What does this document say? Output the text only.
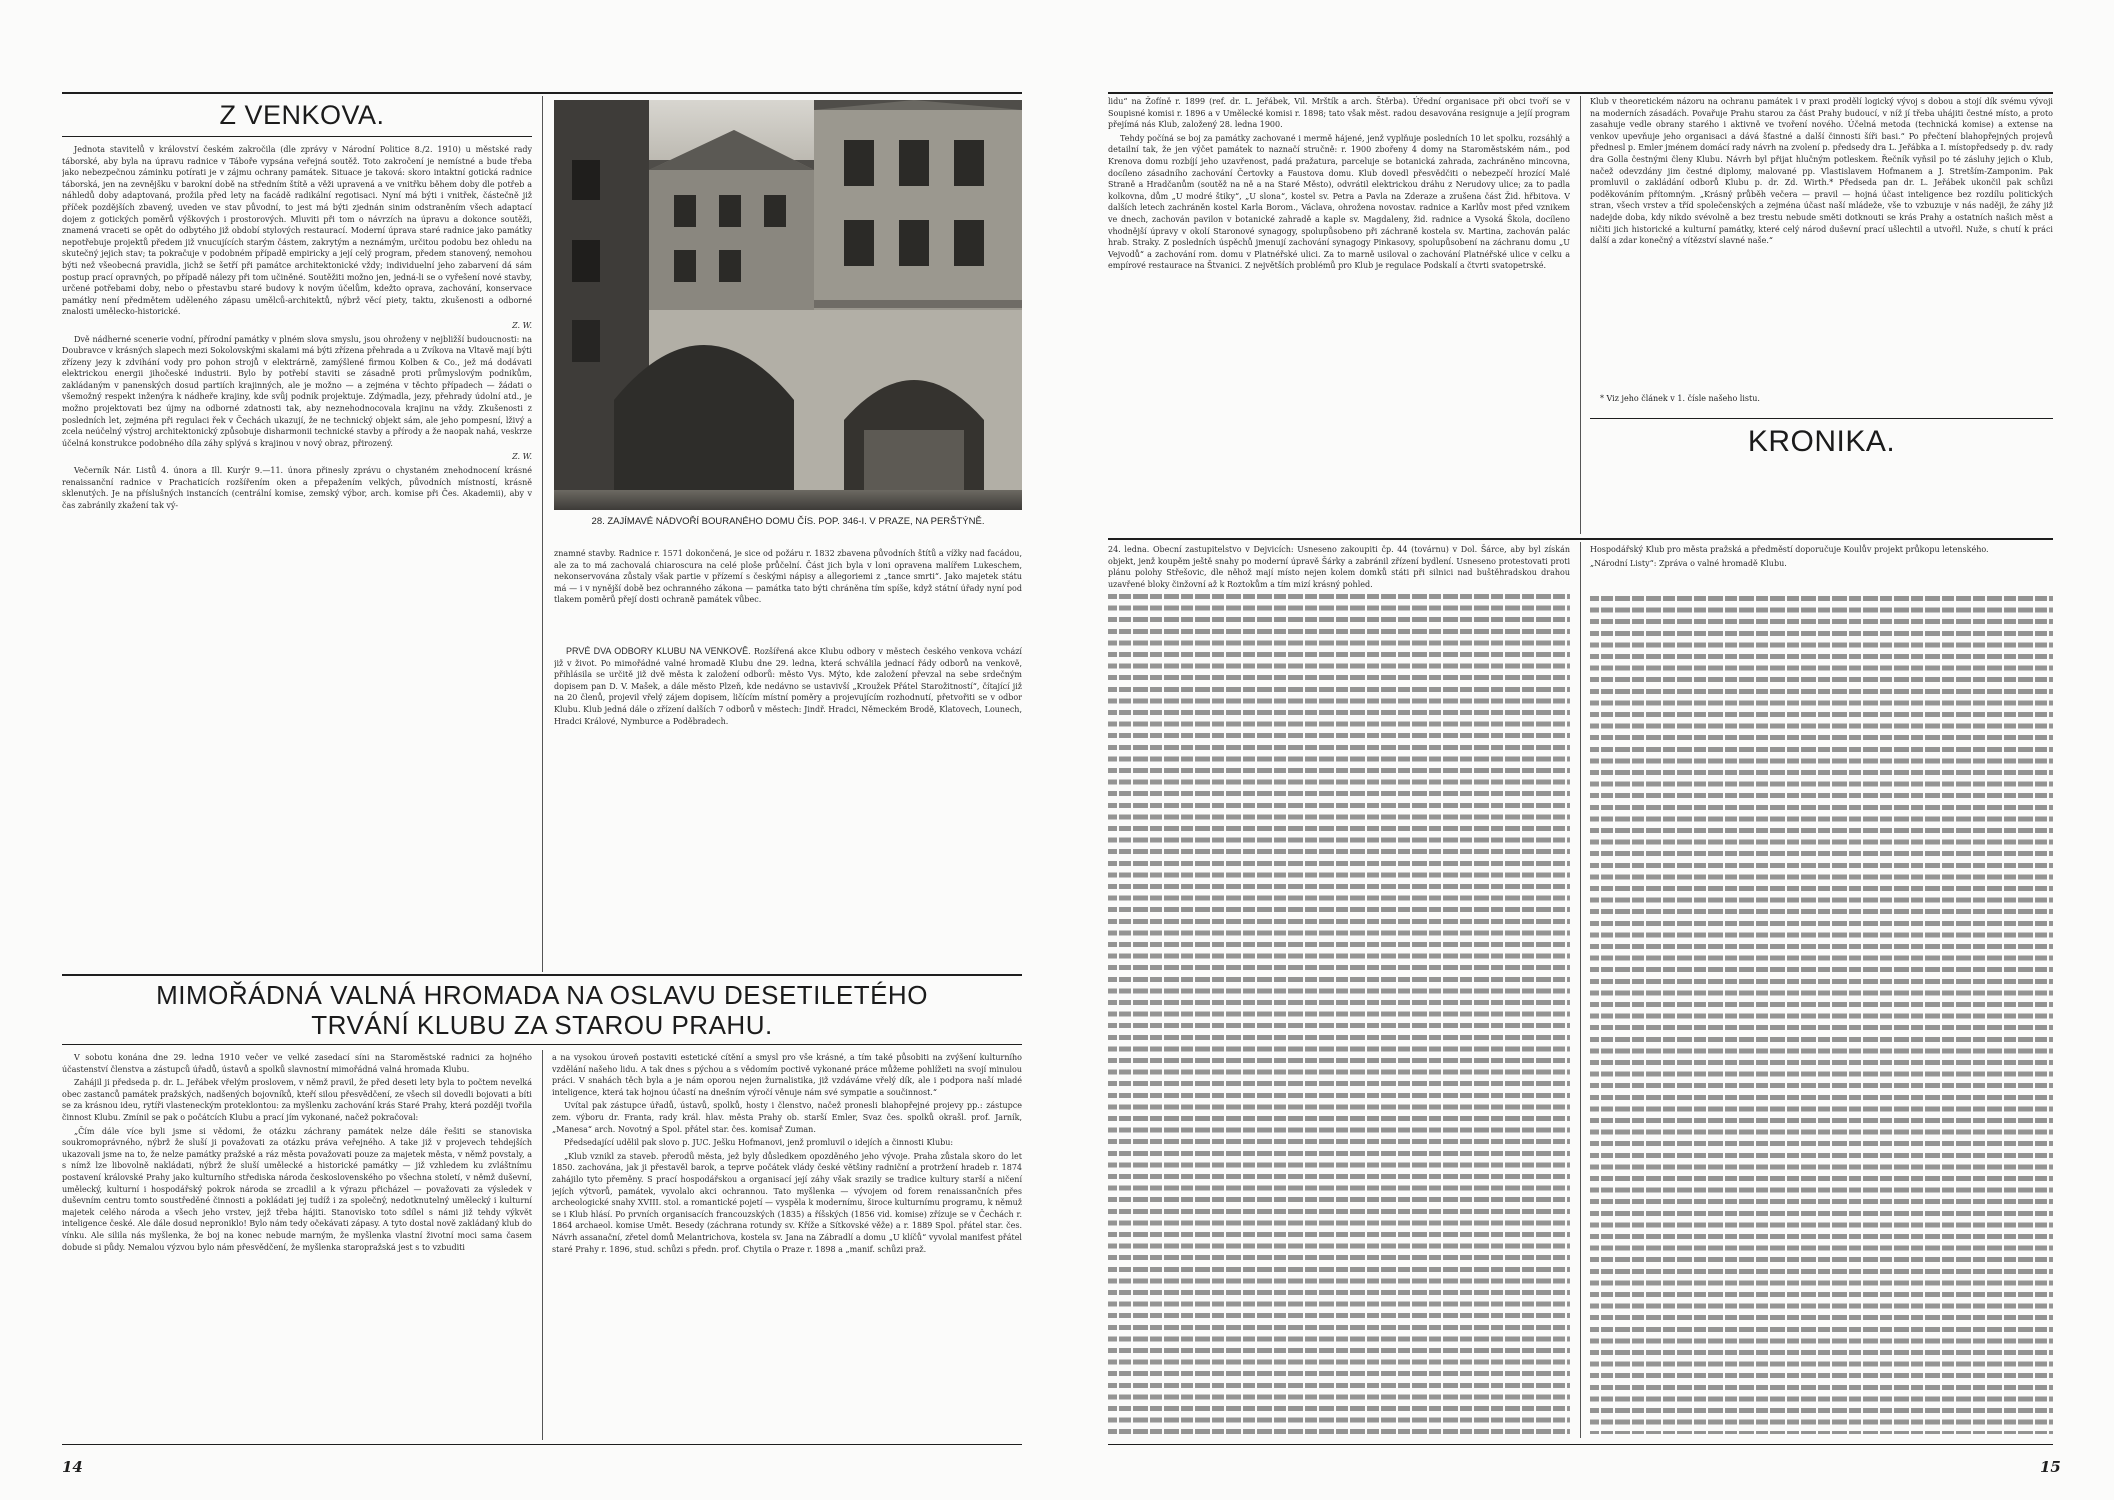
Z VENKOVA.

Jednota stavitelů v království českém zakročila (dle zprávy v Národní Politice 8./2. 1910) u městské rady táborské, aby byla na úpravu radnice v Táboře vypsána veřejná soutěž. Toto zakročení je nemístné a bude třeba jako nebezpečnou záminku potírati je v zájmu ochrany památek. Situace je taková: skoro intaktní gotická radnice táborská, jen na zevnějšku v barokní době na středním štítě a věži upravená a ve vnitřku během doby dle potřeb a náhledů doby adaptovaná, prožila před lety na facádě radikální regotisaci. Nyní má býti i vnitřek, částečně již příček pozdějších zbavený, uveden ve stav původní, to jest má býti zjednán sinim odstraněním všech adaptací dojem z gotických poměrů výškových i prostorových. Mluviti při tom o návrzích na úpravu a dokonce soutěži, znamená vraceti se opět do odbytého již období stylových restaurací. Moderní úprava staré radnice jako památky nepotřebuje projektů předem již vnucujících starým částem, zakrytým a neznámým, určitou podobu bez ohledu na skutečný jejich stav; ta pokračuje v podobném případě empiricky a její celý program, předem stanovený, nemohou býti než všeobecná pravidla, jichž se šetří při památce architektonické vždy; individuelní jeho zabarvení dá sám postup prací opravných, po případě nálezy při tom učiněné. Soutěžiti možno jen, jedná-li se o vyřešení nové stavby, určené potřebami doby, nebo o přestavbu staré budovy k novým účelům, kdežto oprava, zachování, konservace památky není předmětem uděleného zápasu umělců-architektů, nýbrž věcí piety, taktu, zkušenosti a odborné znalosti umělecko-historické.

Z. W.

Dvě nádherné scenerie vodní, přírodní památky v plném slova smyslu, jsou ohroženy v nejbližší budoucnosti: na Doubravce v krásných slapech mezi Sokolovskými skalami má býti zřízena přehrada a u Zvíkova na Vltavě mají býti zřízeny jezy k zdvihání vody pro pohon strojů v elektrárně, zamýšlené firmou Kolben & Co., jež má dodávati elektrickou energii jihočeské industrii. Bylo by potřebí staviti se zásadně proti průmyslovým podnikům, zakládaným v panenských dosud partiích krajinných, ale je možno — a zejména v těchto případech — žádati o všemožný respekt inženýra k nádheře krajiny, kde svůj podnik projektuje. Zdýmadla, jezy, přehrady údolní atd., je možno projektovati bez újmy na odborné zdatnosti tak, aby neznehodnocovala krajinu na vždy. Zkušenosti z posledních let, zejména při regulaci řek v Čechách ukazují, že ne technický objekt sám, ale jeho pompesní, lživý a zcela neúčelný výstroj architektonický způsobuje disharmonii technické stavby a přírody a že naopak nahá, veskrze účelná konstrukce podobného díla záhy splývá s krajinou v nový obraz, přirozený.

Z. W.

Večerník Nár. Listů 4. února a Ill. Kurýr 9.—11. února přinesly zprávu o chystaném znehodnocení krásné renaissanční radnice v Prachaticích rozšířením oken a přepažením velkých, původních místností, krásně sklenutých. Je na příslušných instancích (centrální komise, zemský výbor, arch. komise při Čes. Akademii), aby v čas zabránily zkažení tak vý-

28. ZAJÍMAVÉ NÁDVOŘÍ BOURANÉHO DOMU ČÍS. POP. 346-I. V PRAZE, NA PERŠTÝNĚ.

znamné stavby. Radnice r. 1571 dokončená, je sice od požáru r. 1832 zbavena původních štítů a vížky nad facádou, ale za to má zachovalá chiaroscura na celé ploše průčelní. Část jich byla v loni opravena malířem Lukeschem, nekonservována zůstaly však partie v přízemí s českými nápisy a allegoriemi z „tance smrti“. Jako majetek státu má — i v nynější době bez ochranného zákona — památka tato býti chráněna tím spíše, když státní úřady nyní pod tlakem poměrů přejí dosti ochraně památek vůbec.

PRVÉ DVA ODBORY KLUBU NA VENKOVĚ. Rozšířená akce Klubu odbory v městech českého venkova vchází již v život. Po mimořádné valné hromadě Klubu dne 29. ledna, která schválila jednací řády odborů na venkově, přihlásila se určitě již dvě města k založení odborů: město Vys. Mýto, kde založení převzal na sebe srdečným dopisem pan D. V. Mašek, a dále město Plzeň, kde nedávno se ustavivší „Kroužek Přátel Starožitností“, čítající již na 20 členů, projevil vřelý zájem dopisem, ličícím místní poměry a projevujícím rozhodnutí, přetvořiti se v odbor Klubu. Klub jedná dále o zřízení dalších 7 odborů v městech: Jindř. Hradci, Německém Brodě, Klatovech, Lounech, Hradci Králové, Nymburce a Poděbradech.

MIMOŘÁDNÁ VALNÁ HROMADA NA OSLAVU DESETILETÉHO
TRVÁNÍ KLUBU ZA STAROU PRAHU.

V sobotu konána dne 29. ledna 1910 večer ve velké zasedací síni na Staroměstské radnici za hojného účastenství členstva a zástupců úřadů, ústavů a spolků slavnostní mimořádná valná hromada Klubu.

Zahájil ji předseda p. dr. L. Jeřábek vřelým proslovem, v němž pravil, že před deseti lety byla to počtem nevelká obec zastanců památek pražských, nadšených bojovníků, kteří silou přesvědčení, ze všech sil dovedli bojovati a bíti se za krásnou ideu, rytíři vlasteneckým proteklontou: za myšlenku zachování krás Staré Prahy, která později tvořila činnost Klubu. Zmínil se pak o počátcích Klubu a prací jím vykonané, načež pokračoval:

„Čím dále více byli jsme si vědomi, že otázku záchrany památek nelze dále řešiti se stanoviska soukromoprávného, nýbrž že sluší ji považovati za otázku práva veřejného. A take již v projevech tehdejších ukazovali jsme na to, že nelze památky pražské a ráz města považovati pouze za majetek města, v němž povstaly, a s nímž lze libovolně nakládati, nýbrž že sluší umělecké a historické památky — již vzhledem ku zvláštnímu postavení královské Prahy jako kulturního střediska národa československého po všechna století, v němž duševní, umělecký, kulturní i hospodářský pokrok národa se zrcadlil a k výrazu přicházel — považovati za výsledek v duševním centru tomto soustředěné činnosti a pokládati jej tudíž i za společný, nedotknutelný umělecký i kulturní majetek celého národa a všech jeho vrstev, jejž třeba hájiti. Stanovisko toto sdílel s námi již tehdy výkvět inteligence české. Ale dále dosud neproniklo! Bylo nám tedy očekávati zápasy. A tyto dostal nově zakládaný klub do vínku. Ale silila nás myšlenka, že boj na konec nebude marným, že myšlenka vlastní životní moci sama časem dobude si půdy. Nemalou výzvou bylo nám přesvědčení, že myšlenka staropražská jest s to vzbuditi

a na vysokou úroveň postaviti estetické cítění a smysl pro vše krásné, a tím také působiti na zvýšení kulturního vzdělání našeho lidu. A tak dnes s pýchou a s vědomím poctivě vykonané práce můžeme pohlížeti na svojí minulou práci. V snahách těch byla a je nám oporou nejen žurnalistika, již vzdáváme vřelý dík, ale i podpora naší mladé inteligence, která tak hojnou účastí na dnešním výročí věnuje nám své sympatie a součinnost.“

Uvítal pak zástupce úřadů, ústavů, spolků, hosty i členstvo, načež pronesli blahopřejné projevy pp.: zástupce zem. výboru dr. Franta, rady král. hlav. města Prahy ob. starší Emler, Svaz čes. spolků okrašl. prof. Jarník, „Manesa“ arch. Novotný a Spol. přátel star. čes. komisař Zuman.

Předsedající udělil pak slovo p. JUC. Ješku Hofmanovi, jenž promluvil o idejích a činnosti Klubu:

„Klub vznikl za staveb. přerodů města, jež byly důsledkem opozděného jeho vývoje. Praha zůstala skoro do let 1850. zachována, jak ji přestavěl barok, a teprve počátek vlády české většiny radniční a protržení hradeb r. 1874 zahájilo tyto přeměny. S prací hospodářskou a organisací její záhy však srazily se tradice kultury starší a ničení jejích výtvorů, památek, vyvolalo akci ochrannou. Tato myšlenka — vývojem od forem renaissančních přes archeologické snahy XVIII. stol. a romantické pojetí — vyspěla k modernímu, široce kulturnímu programu, k němuž se i Klub hlásí. Po prvních organisacích francouzských (1835) a říšských (1856 vid. komise) zřízuje se v Čechách r. 1864 archaeol. komise Umět. Besedy (záchrana rotundy sv. Kříže a Sítkovské věže) a r. 1889 Spol. přátel star. čes. Návrh assanační, zřetel domů Melantrichova, kostela sv. Jana na Zábradlí a domu „U klíčů“ vyvolal manifest přátel staré Prahy r. 1896, stud. schůzi s předn. prof. Chytila o Praze r. 1898 a „manif. schůzi praž.

14

lidu“ na Žofíně r. 1899 (ref. dr. L. Jeřábek, Vil. Mrštík a arch. Štěrba). Úřední organisace při obci tvoří se v Soupisné komisi r. 1896 a v Umělecké komisi r. 1898; tato však měst. radou desavována resignuje a jejíí program přejímá nás Klub, založený 28. ledna 1900.

Tehdy počíná se boj za památky zachované i mermě hájené, jenž vyplňuje posledních 10 let spolku, rozsáhlý a detailní tak, že jen výčet památek to naznačí stručně: r. 1900 zbořeny 4 domy na Staroměstském nám., pod Krenova domu rozbíjí jeho uzavřenost, padá pražatura, parceluje se botanická zahrada, zachráněno mincovna, docíleno zásadního zachování Čertovky a Faustova domu. Klub dovedl přesvědčiti o nebezpečí hrozící Malé Straně a Hradčanům (soutěž na ně a na Staré Město), odvrátil elektrickou dráhu z Nerudovy ulice; za to padla kolkovna, dům „U modré štiky“, „U slona“, kostel sv. Petra a Pavla na Zderaze a zrušena část Žid. hřbitova. V dalších letech zachráněn kostel Karla Borom., Václava, ohrožena novostav. radnice a Karlův most před vznikem ve dnech, zachován pavilon v botanické zahradě a kaple sv. Magdaleny, žid. radnice a Vysoká Škola, docíleno vhodnější úpravy v okolí Staronové synagogy, spolupůsobeno při záchraně kostela sv. Martina, zachován palác hrab. Straky. Z posledních úspěchů jmenují zachování synagogy Pinkasovy, spolupůsobení na záchranu domu „U Vejvodů“ a zachování rom. domu v Platnéřské ulici. Za to marně usiloval o zachování Platnéřské ulice v celku a empírové restaurace na Štvanici. Z největších problémů pro Klub je regulace Podskalí a čtvrti svatopetrské.

Klub v theoretickém názoru na ochranu památek i v praxi prodělí logický vývoj s dobou a stojí dík svému vývoji na moderních zásadách. Povařuje Prahu starou za část Prahy budoucí, v níž jí třeba uhájiti čestné místo, a proto zasahuje vedle obrany starého i aktivně ve tvoření nového. Účelná metoda (technická komise) a extense na venkov upevňuje jeho organisaci a dává šťastné a další činnosti šíři basi.“ Po přečtení blahopřejných projevů přednesl p. Emler jménem domácí rady návrh na zvolení p. předsedy dra L. Jeřábka a I. místopředsedy p. dv. rady dra Golla čestnými členy Klubu. Návrh byl přijat hlučným potleskem. Řečník vyňsil po té zásluhy jejich o Klub, načež odevzdány jim čestné diplomy, malované pp. Vlastislavem Hofmanem a J. Stretším-Zamponim. Pak promluvil o zakládání odborů Klubu p. dr. Zd. Wirth.* Předseda pan dr. L. Jeřábek ukončil pak schůzi poděkováním přítomným. „Krásný průběh večera — pravil — hojná účast inteligence bez rozdílu politických stran, všech vrstev a tříd společenských a zejména účast naší mládeže, vše to vzbuzuje v nás naději, že záhy již nadejde doba, kdy nikdo svévolně a bez trestu nebude směti dotknouti se krás Prahy a ostatních našich měst a ničiti jich historické a kulturní památky, které celý národ duševní prací ušlechtil a utvořil. Nuže, s chutí k práci další a zdar konečný a vítězství slavné naše.“

* Viz jeho článek v 1. čísle našeho listu.
KRONIKA.

24. ledna. Obecní zastupitelstvo v Dejvicích: Usneseno zakoupiti čp. 44 (továrnu) v Dol. Šárce, aby byl získán objekt, jenž koupěm ještě snahy po moderní úpravě Šárky a zabránil zřízení bydlení. Usneseno protestovati proti plánu polohy Střešovic, dle něhož mají místo nejen kolem domků státi při silnici nad buštěhradskou drahou uzavřené bloky činžovní až k Roztokům a tím mizí krásný pohled.

Hospodářský Klub pro města pražská a předměstí doporučuje Koulův projekt průkopu letenského.

„Národní Listy“: Zpráva o valné hromadě Klubu.

15
